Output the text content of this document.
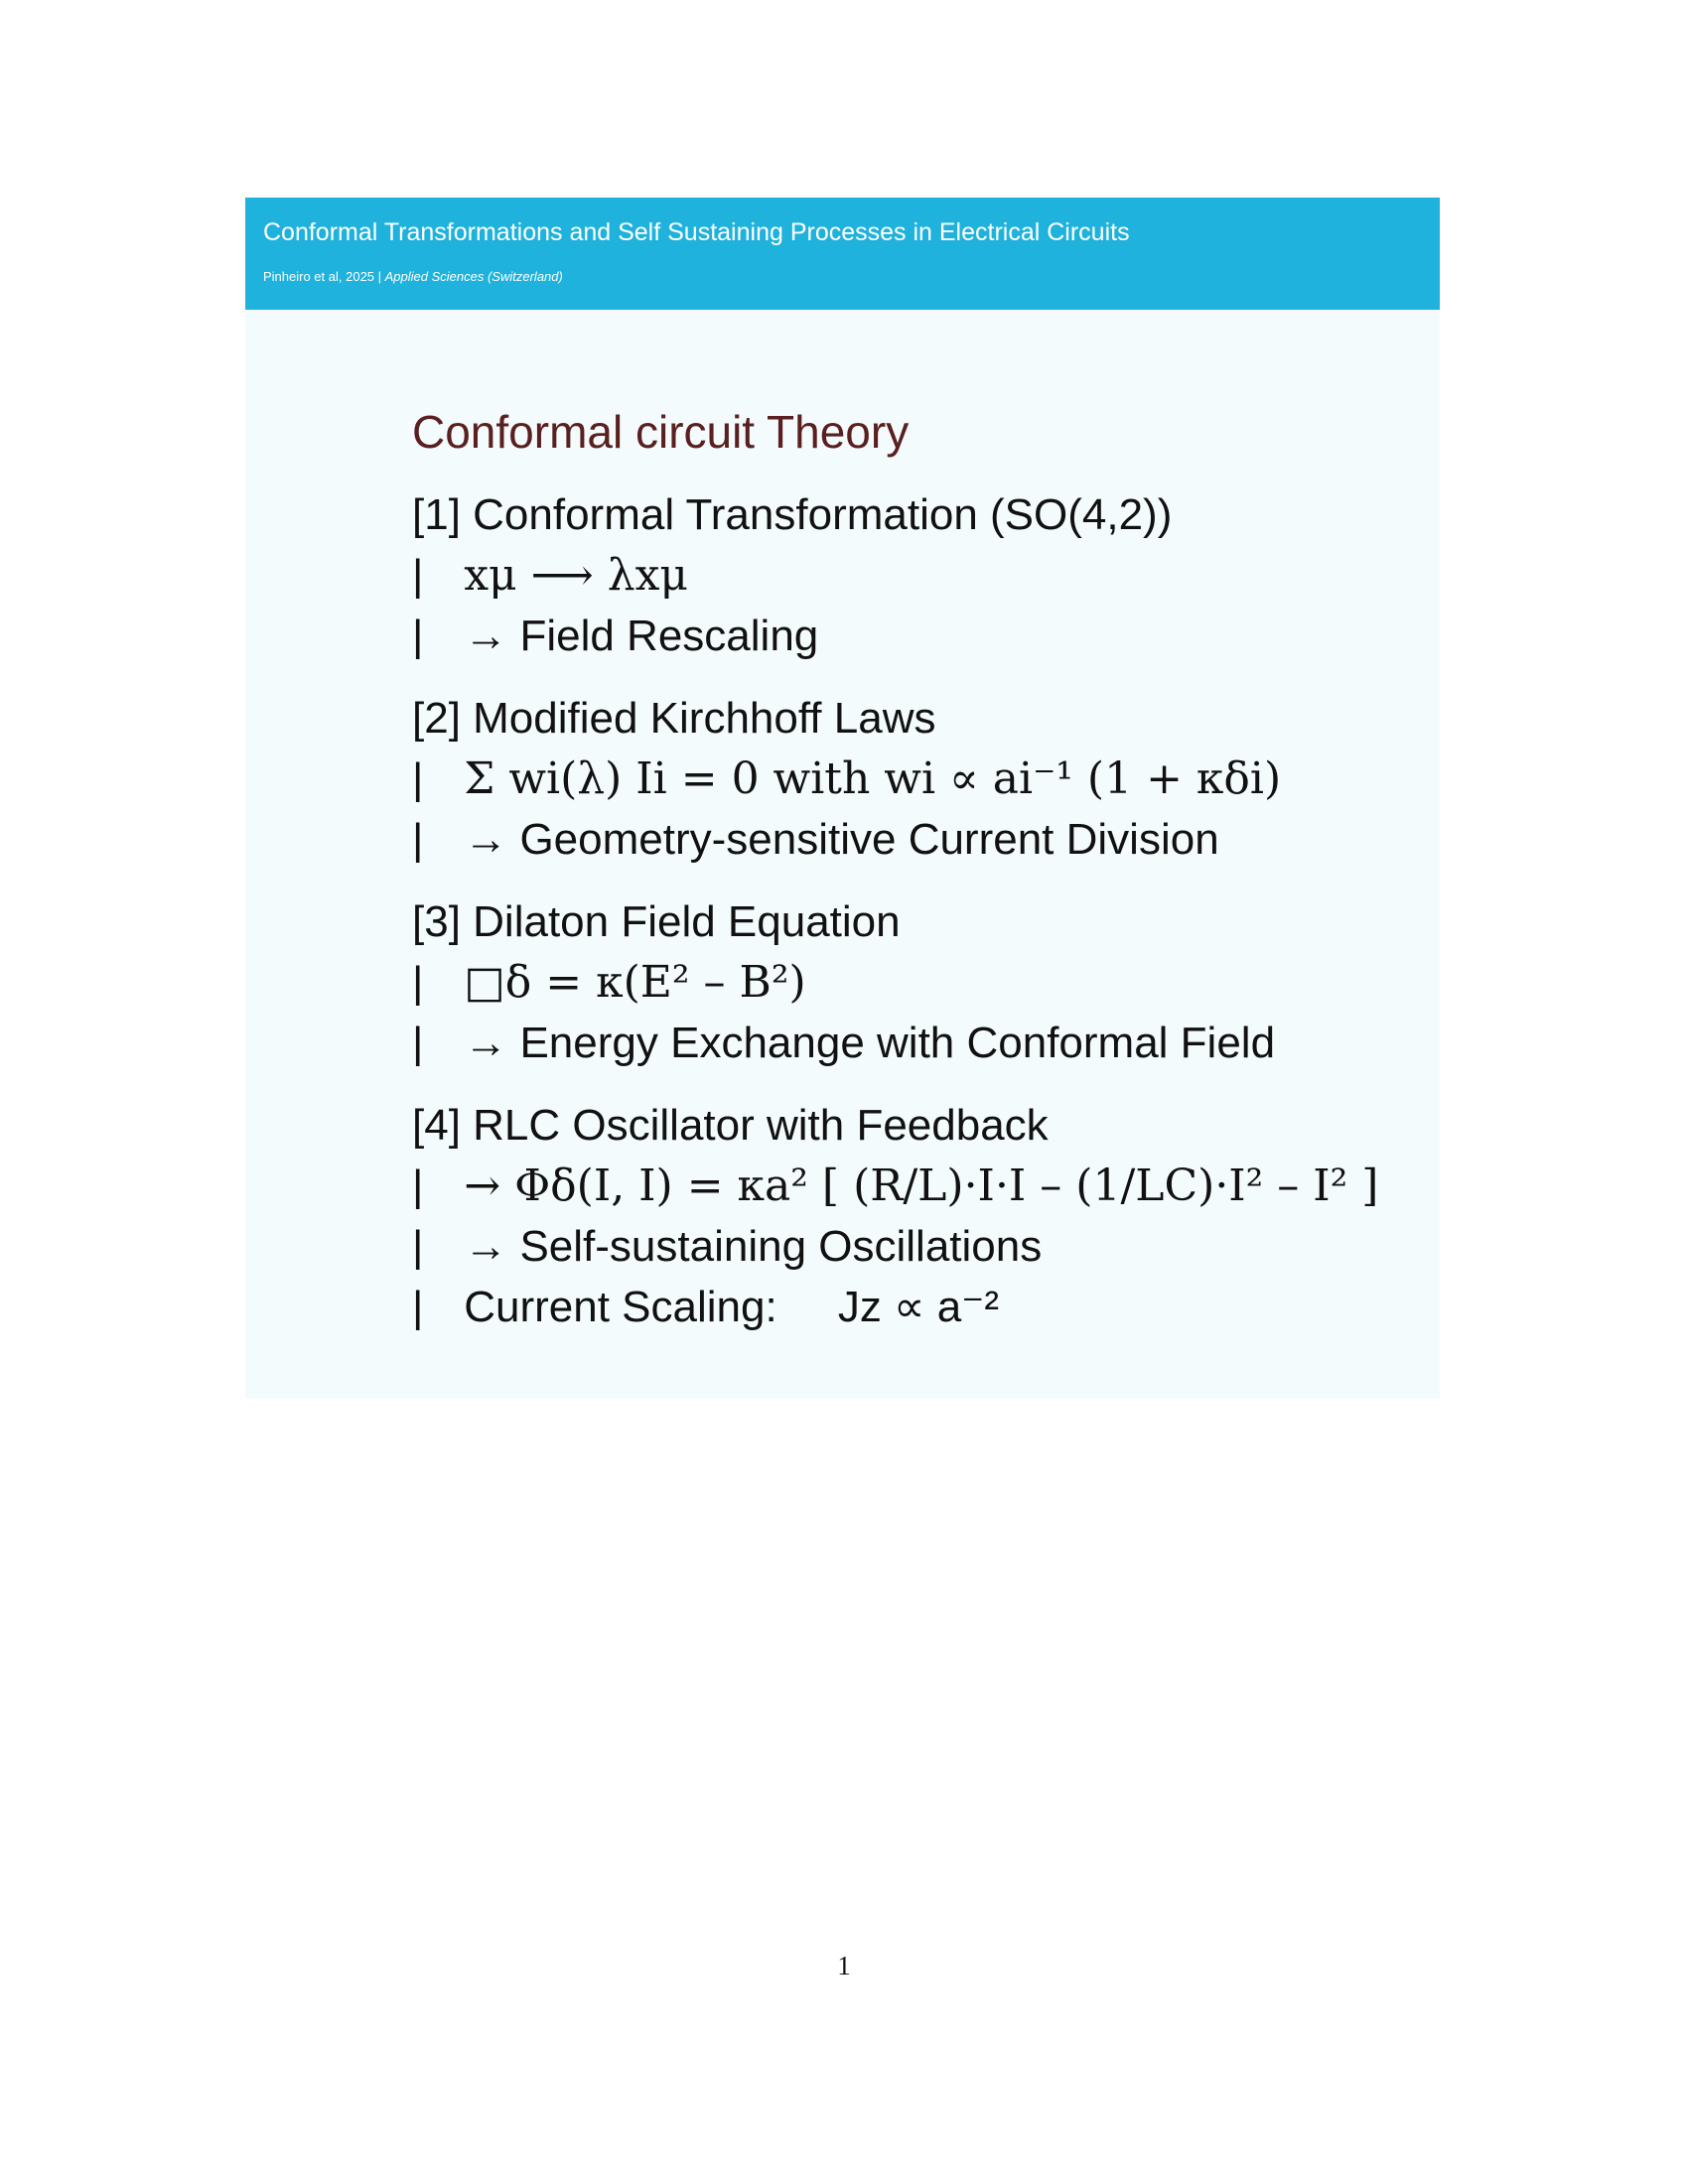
Conformal Transformations and Self Sustaining Processes in Electrical Circuits
Pinheiro et al, 2025 | Applied Sciences (Switzerland)
Conformal circuit Theory
[1] Conformal Transformation (SO(4,2))
| xμ ⟶ λxμ
| → Field Rescaling
[2] Modified Kirchhoff Laws
| Σ wi(λ) Ii = 0 with wi ∝ ai⁻¹ (1 + κδi)
| → Geometry-sensitive Current Division
[3] Dilaton Field Equation
| □δ = κ(E² – B²)
| → Energy Exchange with Conformal Field
[4] RLC Oscillator with Feedback
| → Φδ(I, I) = κa² [ (R/L)·I·I – (1/LC)·I² – I² ]
| → Self-sustaining Oscillations
| Current Scaling:     Jz ∝ a⁻²
1
